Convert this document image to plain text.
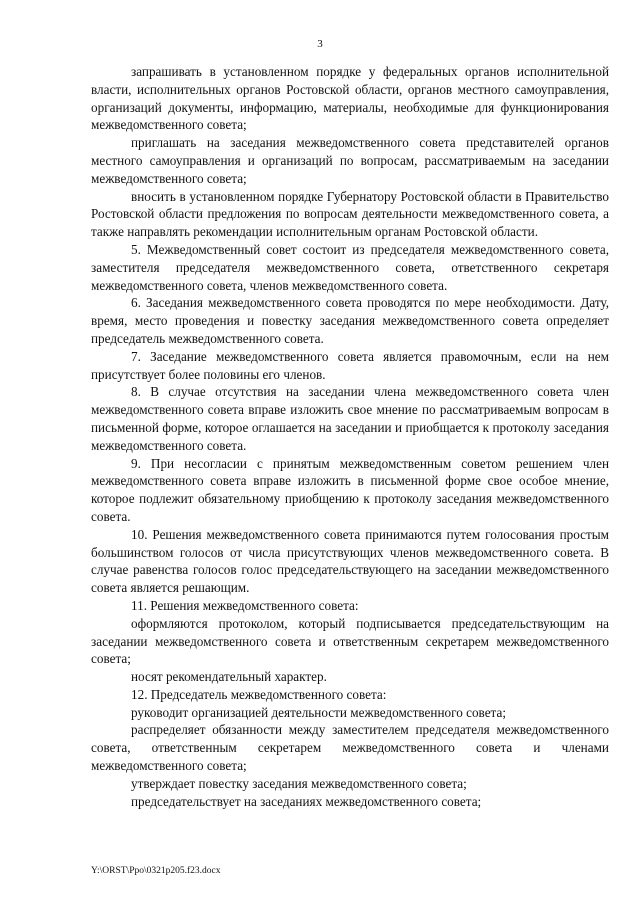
3

запрашивать в установленном порядке у федеральных органов исполнительной власти, исполнительных органов Ростовской области, органов местного самоуправления, организаций документы, информацию, материалы, необходимые для функционирования межведомственного совета;

приглашать на заседания межведомственного совета представителей органов местного самоуправления и организаций по вопросам, рассматриваемым на заседании межведомственного совета;

вносить в установленном порядке Губернатору Ростовской области в Правительство Ростовской области предложения по вопросам деятельности межведомственного совета, а также направлять рекомендации исполнительным органам Ростовской области.

5. Межведомственный совет состоит из председателя межведомственного совета, заместителя председателя межведомственного совета, ответственного секретаря межведомственного совета, членов межведомственного совета.

6. Заседания межведомственного совета проводятся по мере необходимости. Дату, время, место проведения и повестку заседания межведомственного совета определяет председатель межведомственного совета.

7. Заседание межведомственного совета является правомочным, если на нем присутствует более половины его членов.

8. В случае отсутствия на заседании члена межведомственного совета член межведомственного совета вправе изложить свое мнение по рассматриваемым вопросам в письменной форме, которое оглашается на заседании и приобщается к протоколу заседания межведомственного совета.

9. При несогласии с принятым межведомственным советом решением член межведомственного совета вправе изложить в письменной форме свое особое мнение, которое подлежит обязательному приобщению к протоколу заседания межведомственного совета.

10. Решения межведомственного совета принимаются путем голосования простым большинством голосов от числа присутствующих членов межведомственного совета. В случае равенства голосов голос председательствующего на заседании межведомственного совета является решающим.

11. Решения межведомственного совета:

оформляются протоколом, который подписывается председательствующим на заседании межведомственного совета и ответственным секретарем межведомственного совета;

носят рекомендательный характер.

12. Председатель межведомственного совета:

руководит организацией деятельности межведомственного совета;

распределяет обязанности между заместителем председателя межведомственного совета, ответственным секретарем межведомственного совета и членами межведомственного совета;

утверждает повестку заседания межведомственного совета;

председательствует на заседаниях межведомственного совета;

Y:\ORST\Ppo\0321p205.f23.docx
